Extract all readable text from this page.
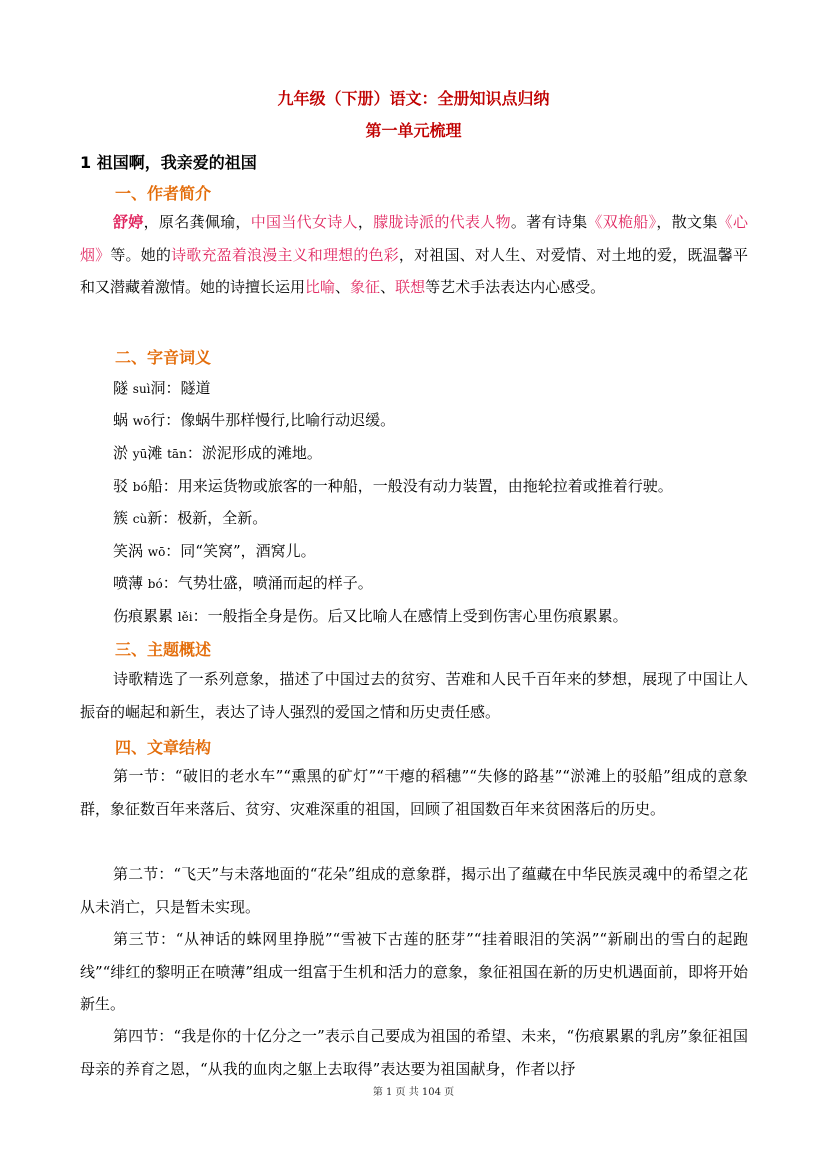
九年级（下册）语文：全册知识点归纳
第一单元梳理
1 祖国啊，我亲爱的祖国
一、作者简介
舒婷，原名龚佩瑜，中国当代女诗人，朦胧诗派的代表人物。著有诗集《双桅船》，散文集《心烟》等。她的诗歌充盈着浪漫主义和理想的色彩，对祖国、对人生、对爱情、对土地的爱，既温馨平和又潜藏着激情。她的诗擅长运用比喻、象征、联想等艺术手法表达内心感受。
二、字音词义
隧 suì洞：隧道
蜗 wō行：像蜗牛那样慢行,比喻行动迟缓。
淤 yū滩 tān：淤泥形成的滩地。
驳 bó船：用来运货物或旅客的一种船，一般没有动力装置，由拖轮拉着或推着行驶。
簇 cù新：极新，全新。
笑涡 wō：同“笑窝”，酒窝儿。
喷薄 bó：气势壮盛，喷涌而起的样子。
伤痕累累 lěi：一般指全身是伤。后又比喻人在感情上受到伤害心里伤痕累累。
三、主题概述
诗歌精选了一系列意象，描述了中国过去的贫穷、苦难和人民千百年来的梦想，展现了中国让人振奋的崛起和新生，表达了诗人强烈的爱国之情和历史责任感。
四、文章结构
第一节：“破旧的老水车”“熏黑的矿灯”“干瘪的稻穗”“失修的路基”“淤滩上的驳船”组成的意象群，象征数百年来落后、贫穷、灾难深重的祖国，回顾了祖国数百年来贫困落后的历史。
第二节：“飞天”与未落地面的“花朵”组成的意象群，揭示出了蕴藏在中华民族灵魂中的希望之花从未消亡，只是暂未实现。
第三节：“从神话的蛛网里挣脱”“雪被下古莲的胚芽”“挂着眼泪的笑涡”“新刷出的雪白的起跑线”“绯红的黎明正在喷薄”组成一组富于生机和活力的意象，象征祖国在新的历史机遇面前，即将开始新生。
第四节：“我是你的十亿分之一”表示自己要成为祖国的希望、未来，“伤痕累累的乳房”象征祖国母亲的养育之恩，“从我的血肉之躯上去取得”表达要为祖国献身，作者以抒
第 1 页 共 104 页
